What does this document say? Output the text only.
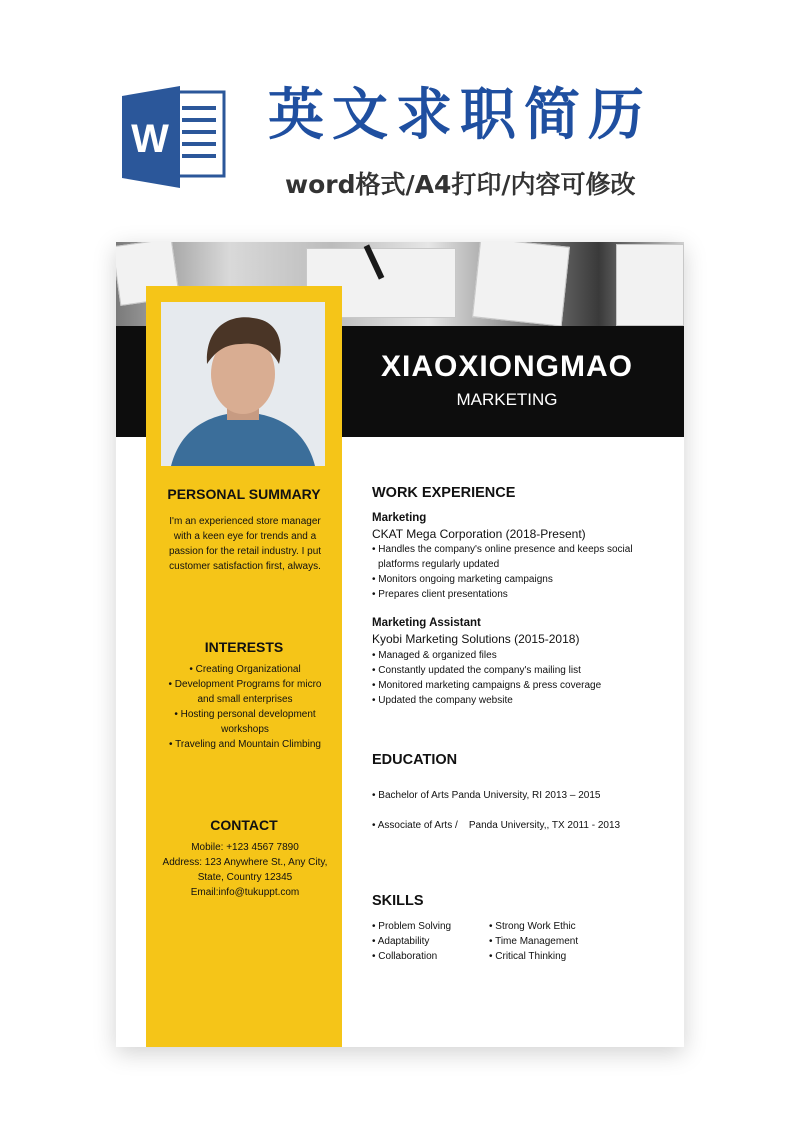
W 英文求职简历
word格式/A4打印/内容可修改
XIAOXIONGMAO
MARKETING
PERSONAL SUMMARY
I'm an experienced store manager with a keen eye for trends and a passion for the retail industry. I put customer satisfaction first, always.
INTERESTS
• Creating Organizational
• Development Programs for micro and small enterprises
• Hosting personal development workshops
• Traveling and Mountain Climbing
CONTACT
Mobile: +123 4567 7890
Address: 123 Anywhere St., Any City, State, Country 12345
Email:info@tukuppt.com
WORK EXPERIENCE
Marketing
CKAT Mega Corporation (2018-Present)
• Handles the company's online presence and keeps social platforms regularly updated
• Monitors ongoing marketing campaigns
• Prepares client presentations
Marketing Assistant
Kyobi Marketing Solutions (2015-2018)
• Managed & organized files
• Constantly updated the company's mailing list
• Monitored marketing campaigns & press coverage
• Updated the company website
EDUCATION
• Bachelor of Arts Panda University, RI 2013 – 2015
• Associate of Arts /    Panda University,, TX 2011 - 2013
SKILLS
• Problem Solving
• Adaptability
• Collaboration
• Strong Work Ethic
• Time Management
• Critical Thinking
